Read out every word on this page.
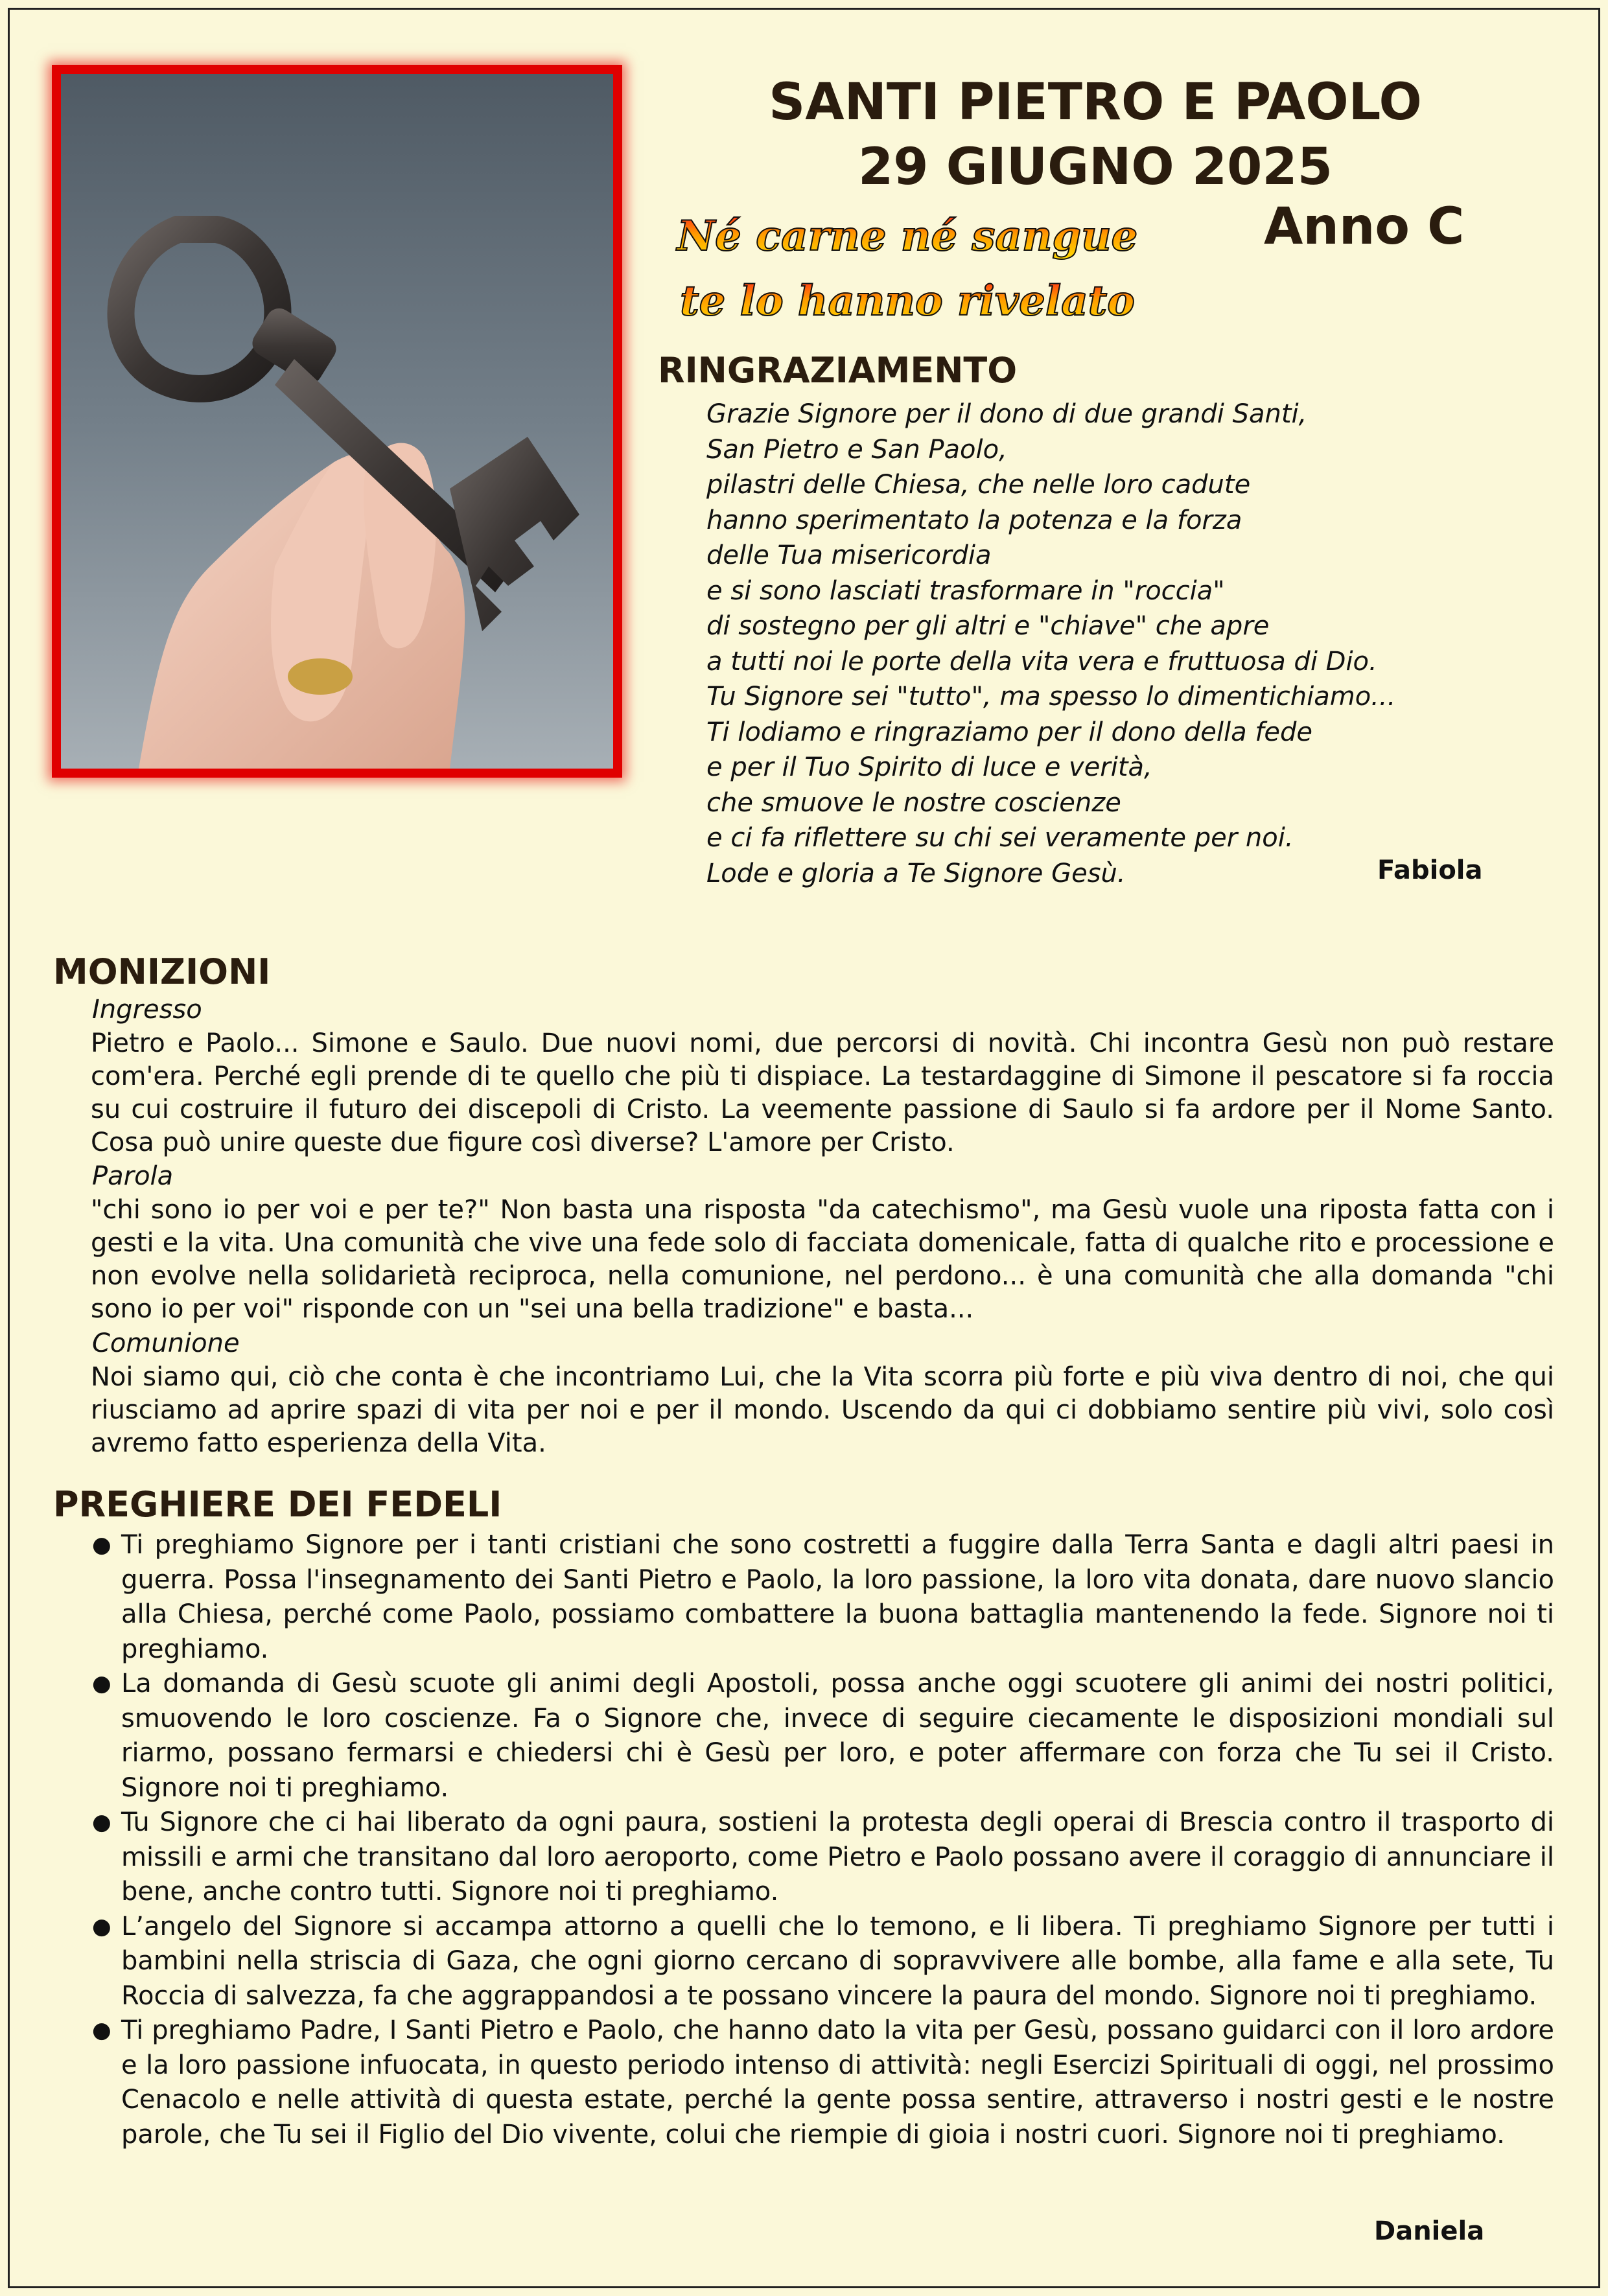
SANTI PIETRO E PAOLO
29 GIUGNO 2025
Anno C
Né carne né sangue
te lo hanno rivelato
RINGRAZIAMENTO
Grazie Signore per il dono di due grandi Santi,
San Pietro e San Paolo,
pilastri delle Chiesa, che nelle loro cadute
hanno sperimentato la potenza e la forza
delle Tua misericordia
e si sono lasciati trasformare in "roccia"
di sostegno per gli altri e "chiave" che apre
a tutti noi le porte della vita vera e fruttuosa di Dio.
Tu Signore sei "tutto", ma spesso lo dimentichiamo...
Ti lodiamo e ringraziamo per il dono della fede
e per il Tuo Spirito di luce e verità,
che smuove le nostre coscienze
e ci fa riflettere su chi sei veramente per noi.
Lode e gloria a Te Signore Gesù.	Fabiola
MONIZIONI
Ingresso
Pietro e Paolo... Simone e Saulo. Due nuovi nomi, due percorsi di novità. Chi incontra Gesù non può restare com'era. Perché egli prende di te quello che più ti dispiace. La testardaggine di Simone il pescatore si fa roccia su cui costruire il futuro dei discepoli di Cristo. La veemente passione di Saulo si fa ardore per il Nome Santo. Cosa può unire queste due figure così diverse? L'amore per Cristo.
Parola
"chi sono io per voi e per te?" Non basta una risposta "da catechismo", ma Gesù vuole una riposta fatta con i gesti e la vita. Una comunità che vive una fede solo di facciata domenicale, fatta di qualche rito e processione e non evolve nella solidarietà reciproca, nella comunione, nel perdono... è una comunità che alla domanda "chi sono io per voi" risponde con un "sei una bella tradizione" e basta...
Comunione
Noi siamo qui, ciò che conta è che incontriamo Lui, che la Vita scorra più forte e più viva dentro di noi, che qui riusciamo ad aprire spazi di vita per noi e per il mondo. Uscendo da qui ci dobbiamo sentire più vivi, solo così avremo fatto esperienza della Vita.
PREGHIERE DEI FEDELI
● Ti preghiamo Signore per i tanti cristiani che sono costretti a fuggire dalla Terra Santa e dagli altri paesi in guerra. Possa l'insegnamento dei Santi Pietro e Paolo, la loro passione, la loro vita donata, dare nuovo slancio alla Chiesa, perché come Paolo, possiamo combattere la buona battaglia mantenendo la fede. Signore noi ti preghiamo.
● La domanda di Gesù scuote gli animi degli Apostoli, possa anche oggi scuotere gli animi dei nostri politici, smuovendo le loro coscienze. Fa o Signore che, invece di seguire ciecamente le disposizioni mondiali sul riarmo, possano fermarsi e chiedersi chi è Gesù per loro, e poter affermare con forza che Tu sei il Cristo. Signore noi ti preghiamo.
● Tu Signore che ci hai liberato da ogni paura, sostieni la protesta degli operai di Brescia contro il trasporto di missili e armi che transitano dal loro aeroporto, come Pietro e Paolo possano avere il coraggio di annunciare il bene, anche contro tutti. Signore noi ti preghiamo.
● L’angelo del Signore si accampa attorno a quelli che lo temono, e li libera. Ti preghiamo Signore per tutti i bambini nella striscia di Gaza, che ogni giorno cercano di sopravvivere alle bombe, alla fame e alla sete, Tu Roccia di salvezza, fa che aggrappandosi a te possano vincere la paura del mondo. Signore noi ti preghiamo.
● Ti preghiamo Padre, I Santi Pietro e Paolo, che hanno dato la vita per Gesù, possano guidarci con il loro ardore e la loro passione infuocata, in questo periodo intenso di attività: negli Esercizi Spirituali di oggi, nel prossimo Cenacolo e nelle attività di questa estate, perché la gente possa sentire, attraverso i nostri gesti e le nostre parole, che Tu sei il Figlio del Dio vivente, colui che riempie di gioia i nostri cuori. Signore noi ti preghiamo.
Daniela
